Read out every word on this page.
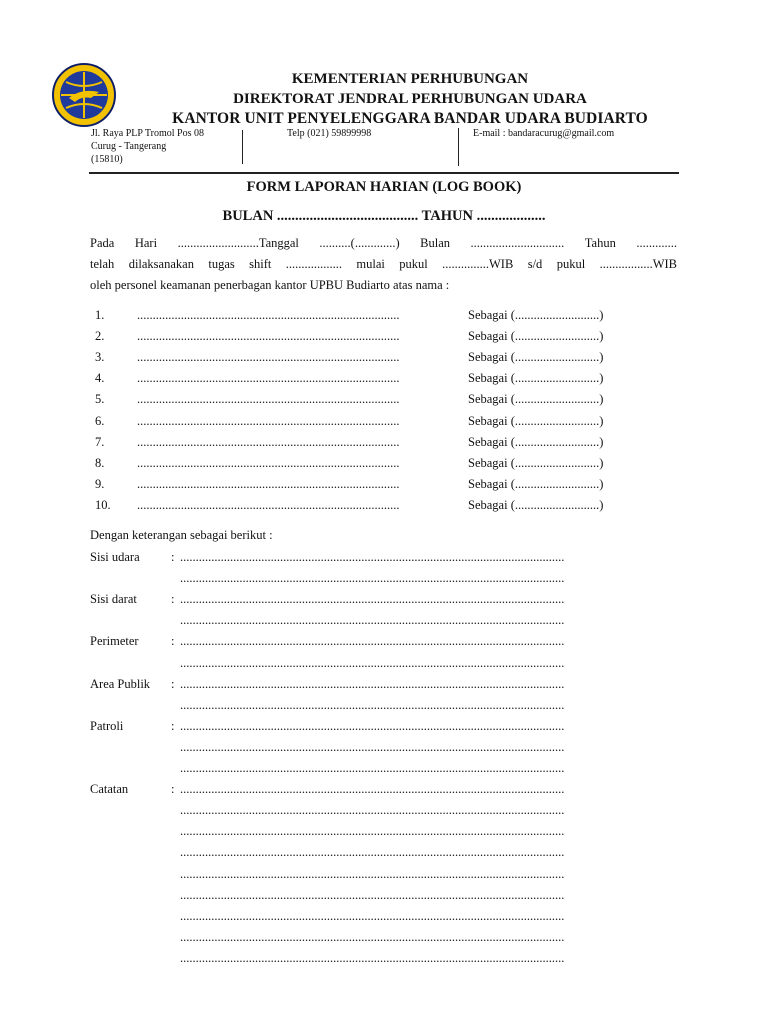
KEMENTERIAN PERHUBUNGAN
DIREKTORAT JENDRAL PERHUBUNGAN UDARA
KANTOR UNIT PENYELENGGARA BANDAR UDARA BUDIARTO
Jl. Raya PLP Tromol Pos 08
Curug - Tangerang
(15810)
Telp (021) 59899998	E-mail : bandaracurug@gmail.com
FORM LAPORAN HARIAN (LOG BOOK)
BULAN ....................................... TAHUN ...................
Pada Hari ..........................Tanggal ..........(.............) Bulan .............................. Tahun .............
telah dilaksanakan tugas shift .................. mulai pukul ...............WIB s/d pukul .................WIB
oleh personel keamanan penerbagan kantor UPBU Budiarto atas nama :
1.	....................................................................................	Sebagai (...........................)
2.	....................................................................................	Sebagai (...........................)
3.	....................................................................................	Sebagai (...........................)
4.	....................................................................................	Sebagai (...........................)
5.	....................................................................................	Sebagai (...........................)
6.	....................................................................................	Sebagai (...........................)
7.	....................................................................................	Sebagai (...........................)
8.	....................................................................................	Sebagai (...........................)
9.	....................................................................................	Sebagai (...........................)
10. ....................................................................................	Sebagai (...........................)
Dengan keterangan sebagai berikut :
Sisi udara	: ...........................................................................................................................
...........................................................................................................................
Sisi darat	: ...........................................................................................................................
...........................................................................................................................
Perimeter	: ...........................................................................................................................
...........................................................................................................................
Area Publik : ...........................................................................................................................
...........................................................................................................................
Patroli	: ...........................................................................................................................
...........................................................................................................................
...........................................................................................................................
Catatan	: ...........................................................................................................................
...........................................................................................................................
...........................................................................................................................
...........................................................................................................................
...........................................................................................................................
...........................................................................................................................
...........................................................................................................................
...........................................................................................................................
...........................................................................................................................
